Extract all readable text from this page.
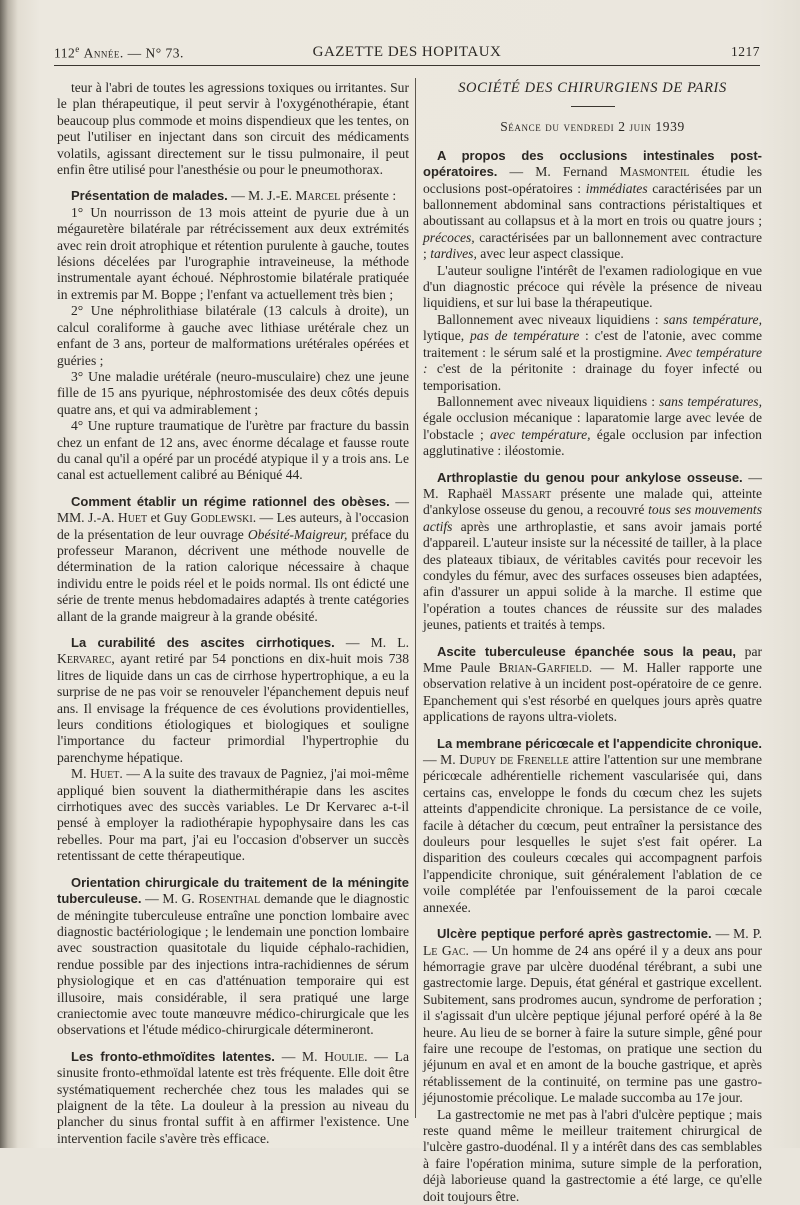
112e Année. — N° 73.	GAZETTE DES HOPITAUX	1217

teur à l'abri de toutes les agressions toxiques ou irritantes. Sur le plan thérapeutique, il peut servir à l'oxygénothérapie, étant beaucoup plus commode et moins dispendieux que les tentes, on peut l'utiliser en injectant dans son circuit des médicaments volatils, agissant directement sur le tissu pulmonaire, il peut enfin être utilisé pour l'anesthésie ou pour le pneumothorax.

Présentation de malades. — M. J.-E. Marcel présente :

1° Un nourrisson de 13 mois atteint de pyurie due à un mégauretère bilatérale par rétrécissement aux deux extrémités avec rein droit atrophique et rétention purulente à gauche, toutes lésions décelées par l'urographie intraveineuse, la méthode instrumentale ayant échoué. Néphrostomie bilatérale pratiquée in extremis par M. Boppe ; l'enfant va actuellement très bien ;

2° Une néphrolithiase bilatérale (13 calculs à droite), un calcul coraliforme à gauche avec lithiase urétérale chez un enfant de 3 ans, porteur de malformations urétérales opérées et guéries ;

3° Une maladie urétérale (neuro-musculaire) chez une jeune fille de 15 ans pyurique, néphrostomisée des deux côtés depuis quatre ans, et qui va admirablement ;

4° Une rupture traumatique de l'urètre par fracture du bassin chez un enfant de 12 ans, avec énorme décalage et fausse route du canal qu'il a opéré par un procédé atypique il y a trois ans. Le canal est actuellement calibré au Béniqué 44.

Comment établir un régime rationnel des obèses. — MM. J.-A. Huet et Guy Godlewski. — Les auteurs, à l'occasion de la présentation de leur ouvrage Obésité-Maigreur, préface du professeur Maranon, décrivent une méthode nouvelle de détermination de la ration calorique nécessaire à chaque individu entre le poids réel et le poids normal. Ils ont édicté une série de trente menus hebdomadaires adaptés à trente catégories allant de la grande maigreur à la grande obésité.

La curabilité des ascites cirrhotiques. — M. L. Kervarec, ayant retiré par 54 ponctions en dix-huit mois 738 litres de liquide dans un cas de cirrhose hypertrophique, a eu la surprise de ne pas voir se renouveler l'épanchement depuis neuf ans. Il envisage la fréquence de ces évolutions providentielles, leurs conditions étiologiques et biologiques et souligne l'importance du facteur primordial l'hypertrophie du parenchyme hépatique.

M. Huet. — A la suite des travaux de Pagniez, j'ai moi-même appliqué bien souvent la diathermithérapie dans les ascites cirrhotiques avec des succès variables. Le Dr Kervarec a-t-il pensé à employer la radiothérapie hypophysaire dans les cas rebelles. Pour ma part, j'ai eu l'occasion d'observer un succès retentissant de cette thérapeutique.

Orientation chirurgicale du traitement de la méningite tuberculeuse. — M. G. Rosenthal demande que le diagnostic de méningite tuberculeuse entraîne une ponction lombaire avec diagnostic bactériologique ; le lendemain une ponction lombaire avec soustraction quasitotale du liquide céphalo-rachidien, rendue possible par des injections intra-rachidiennes de sérum physiologique et en cas d'atténuation temporaire qui est illusoire, mais considérable, il sera pratiqué une large craniectomie avec toute manœuvre médico-chirurgicale que les observations et l'étude médico-chirurgicale détermineront.

Les fronto-ethmoïdites latentes. — M. Houlie. — La sinusite fronto-ethmoïdal latente est très fréquente. Elle doit être systématiquement recherchée chez tous les malades qui se plaignent de la tête. La douleur à la pression au niveau du plancher du sinus frontal suffit à en affirmer l'existence. Une intervention facile s'avère très efficace.

SOCIÉTÉ DES CHIRURGIENS DE PARIS

Séance du vendredi 2 juin 1939

A propos des occlusions intestinales post-opératoires. — M. Fernand Masmonteil étudie les occlusions post-opératoires : immédiates caractérisées par un ballonnement abdominal sans contractions péristaltiques et aboutissant au collapsus et à la mort en trois ou quatre jours ; précoces, caractérisées par un ballonnement avec contracture ; tardives, avec leur aspect classique.

L'auteur souligne l'intérêt de l'examen radiologique en vue d'un diagnostic précoce qui révèle la présence de niveau liquidiens, et sur lui base la thérapeutique.

Ballonnement avec niveaux liquidiens : sans température, lytique, pas de température : c'est de l'atonie, avec comme traitement : le sérum salé et la prostigmine. Avec température : c'est de la péritonite : drainage du foyer infecté ou temporisation.

Ballonnement avec niveaux liquidiens : sans températures, égale occlusion mécanique : laparatomie large avec levée de l'obstacle ; avec température, égale occlusion par infection agglutinative : iléostomie.

Arthroplastie du genou pour ankylose osseuse. — M. Raphaël Massart présente une malade qui, atteinte d'ankylose osseuse du genou, a recouvré tous ses mouvements actifs après une arthroplastie, et sans avoir jamais porté d'appareil. L'auteur insiste sur la nécessité de tailler, à la place des plateaux tibiaux, de véritables cavités pour recevoir les condyles du fémur, avec des surfaces osseuses bien adaptées, afin d'assurer un appui solide à la marche. Il estime que l'opération a toutes chances de réussite sur des malades jeunes, patients et traités à temps.

Ascite tuberculeuse épanchée sous la peau, par Mme Paule Brian-Garfield. — M. Haller rapporte une observation relative à un incident post-opératoire de ce genre. Epanchement qui s'est résorbé en quelques jours après quatre applications de rayons ultra-violets.

La membrane péricœcale et l'appendicite chronique. — M. Dupuy de Frenelle attire l'attention sur une membrane péricœcale adhérentielle richement vascularisée qui, dans certains cas, enveloppe le fonds du cœcum chez les sujets atteints d'appendicite chronique. La persistance de ce voile, facile à détacher du cœcum, peut entraîner la persistance des douleurs pour lesquelles le sujet s'est fait opérer. La disparition des couleurs cœcales qui accompagnent parfois l'appendicite chronique, suit généralement l'ablation de ce voile complétée par l'enfouissement de la paroi cœcale annexée.

Ulcère peptique perforé après gastrectomie. — M. P. Le Gac. — Un homme de 24 ans opéré il y a deux ans pour hémorragie grave par ulcère duodénal térébrant, a subi une gastrectomie large. Depuis, état général et gastrique excellent. Subitement, sans prodromes aucun, syndrome de perforation ; il s'agissait d'un ulcère peptique jéjunal perforé opéré à la 8e heure. Au lieu de se borner à faire la suture simple, gêné pour faire une recoupe de l'estomas, on pratique une section du jéjunum en aval et en amont de la bouche gastrique, et après rétablissement de la continuité, on termine pas une gastro-jéjunostomie précolique. Le malade succomba au 17e jour.

La gastrectomie ne met pas à l'abri d'ulcère peptique ; mais reste quand même le meilleur traitement chirurgical de l'ulcère gastro-duodénal. Il y a intérêt dans des cas semblables à faire l'opération minima, suture simple de la perforation, déjà laborieuse quand la gastrectomie a été large, ce qu'elle doit toujours être.
